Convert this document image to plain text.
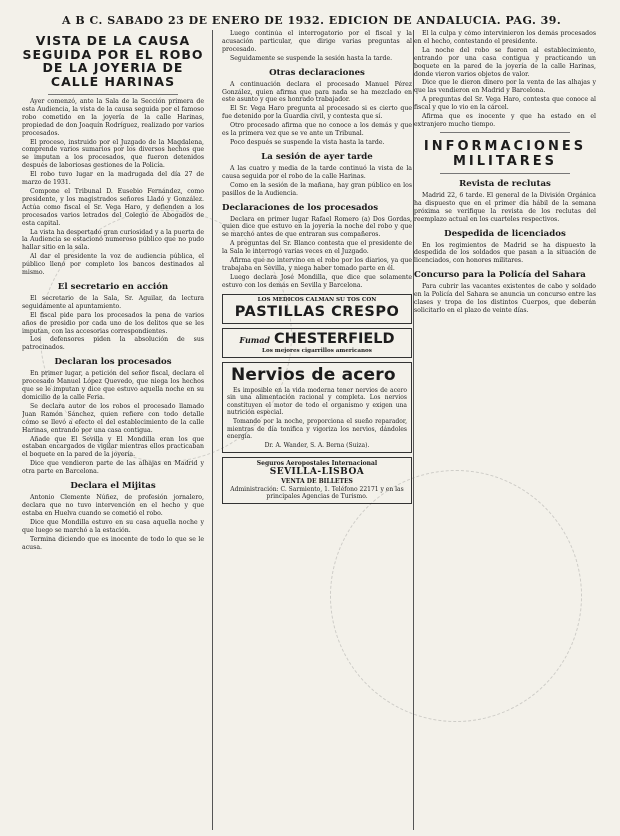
A B C. SABADO 23 DE ENERO DE 1932. EDICION DE ANDALUCIA. PAG. 39.
VISTA DE LA CAUSA SEGUIDA POR EL ROBO DE LA JOYERIA DE CALLE HARINAS

Ayer comenzó, ante la Sala de la Sección primera de esta Audiencia, la vista de la causa seguida por el famoso robo cometido en la joyería de la calle Harinas, propiedad de don Joaquín Rodríguez, realizado por varios procesados.

El proceso, instruido por el Juzgado de la Magdalena, comprende varios sumarios por los diversos hechos que se imputan a los procesados, que fueron detenidos después de laboriosas gestiones de la Policía.

El robo tuvo lugar en la madrugada del día 27 de marzo de 1931.

Compone el Tribunal D. Eusebio Fernández, como presidente, y los magistrados señores Lladó y González. Actúa como fiscal el Sr. Vega Haro, y defienden a los procesados varios letrados del Colegio de Abogados de esta capital.

La vista ha despertado gran curiosidad y a la puerta de la Audiencia se estacionó numeroso público que no pudo hallar sitio en la sala.

Al dar el presidente la voz de audiencia pública, el público llenó por completo los bancos destinados al mismo.

El secretario en acción

El secretario de la Sala, Sr. Aguilar, da lectura seguidamente al apuntamiento.

El fiscal pide para los procesados la pena de varios años de presidio por cada uno de los delitos que se les imputan, con las accesorias correspondientes.

Los defensores piden la absolución de sus patrocinados.

Declaran los procesados

En primer lugar, a petición del señor fiscal, declara el procesado Manuel López Quevedo, que niega los hechos que se le imputan y dice que estuvo aquella noche en su domicilio de la calle Feria.

Se declara autor de los robos el procesado llamado Juan Ramón Sánchez, quien refiere con todo detalle cómo se llevó a efecto el del establecimiento de la calle Harinas, entrando por una casa contigua.

Añade que El Sevilla y El Mondilla eran los que estaban encargados de vigilar mientras ellos practicaban el boquete en la pared de la joyería.

Dice que vendieron parte de las alhajas en Madrid y otra parte en Barcelona.

Declara el Mijitas

Antonio Clemente Núñez, de profesión jornalero, declara que no tuvo intervención en el hecho y que estaba en Huelva cuando se cometió el robo.

Dice que Mondilla estuvo en su casa aquella noche y que luego se marchó a la estación.

Termina diciendo que es inocente de todo lo que se le acusa.

Luego continúa el interrogatorio por el fiscal y la acusación particular, que dirige varias preguntas al procesado.

Seguidamente se suspende la sesión hasta la tarde.

Otras declaraciones

A continuación declara el procesado Manuel Pérez González, quien afirma que para nada se ha mezclado en este asunto y que es honrado trabajador.

El Sr. Vega Haro pregunta al procesado si es cierto que fue detenido por la Guardia civil, y contesta que sí.

Otro procesado afirma que no conoce a los demás y que es la primera vez que se ve ante un Tribunal.

Poco después se suspende la vista hasta la tarde.

La sesión de ayer tarde

A las cuatro y media de la tarde continuó la vista de la causa seguida por el robo de la calle Harinas.

Como en la sesión de la mañana, hay gran público en los pasillos de la Audiencia.

Declaraciones de los procesados

Declara en primer lugar Rafael Romero (a) Dos Gordas, quien dice que estuvo en la joyería la noche del robo y que se marchó antes de que entraran sus compañeros.

A preguntas del Sr. Blanco contesta que el presidente de la Sala le interrogó varias veces en el Juzgado.

Afirma que no intervino en el robo por los diarios, ya que trabajaba en Sevilla, y niega haber tomado parte en él.

Luego declara José Mondilla, que dice que solamente estuvo con los demás en Sevilla y Barcelona.

LOS MEDICOS CALMAN SU TOS CON
PASTILLAS CRESPO
Fumad CHESTERFIELD
Los mejores cigarrillos americanos
Nervios de acero

Es imposible en la vida moderna tener nervios de acero sin una alimentación racional y completa. Los nervios constituyen el motor de todo el organismo y exigen una nutrición especial.

Tomando por la noche, proporciona el sueño reparador, mientras de día tonifica y vigoriza los nervios, dándoles energía.

Dr. A. Wander, S. A. Berna (Suiza).
Seguros Aeropostales Internacional
SEVILLA-LISBOA
VENTA DE BILLETES
Administración: C. Sarmiento, 1. Teléfono 22171 y en las principales Agencias de Turismo.

Él la culpa y cómo intervinieron los demás procesados en el hecho, contestando el presidente.

La noche del robo se fueron al establecimiento, entrando por una casa contigua y practicando un boquete en la pared de la joyería de la calle Harinas, donde vieron varios objetos de valor.

Dice que le dieron dinero por la venta de las alhajas y que las vendieron en Madrid y Barcelona.

A preguntas del Sr. Vega Haro, contesta que conoce al fiscal y que lo vio en la cárcel.

Afirma que es inocente y que ha estado en el extranjero mucho tiempo.

INFORMACIONES MILITARES
Revista de reclutas

Madrid 22, 6 tarde. El general de la División Orgánica ha dispuesto que en el primer día hábil de la semana próxima se verifique la revista de los reclutas del reemplazo actual en los cuarteles respectivos.

Despedida de licenciados

En los regimientos de Madrid se ha dispuesto la despedida de los soldados que pasan a la situación de licenciados, con honores militares.

Concurso para la Policía del Sahara

Para cubrir las vacantes existentes de cabo y soldado en la Policía del Sahara se anuncia un concurso entre las clases y tropa de los distintos Cuerpos, que deberán solicitarlo en el plazo de veinte días.
